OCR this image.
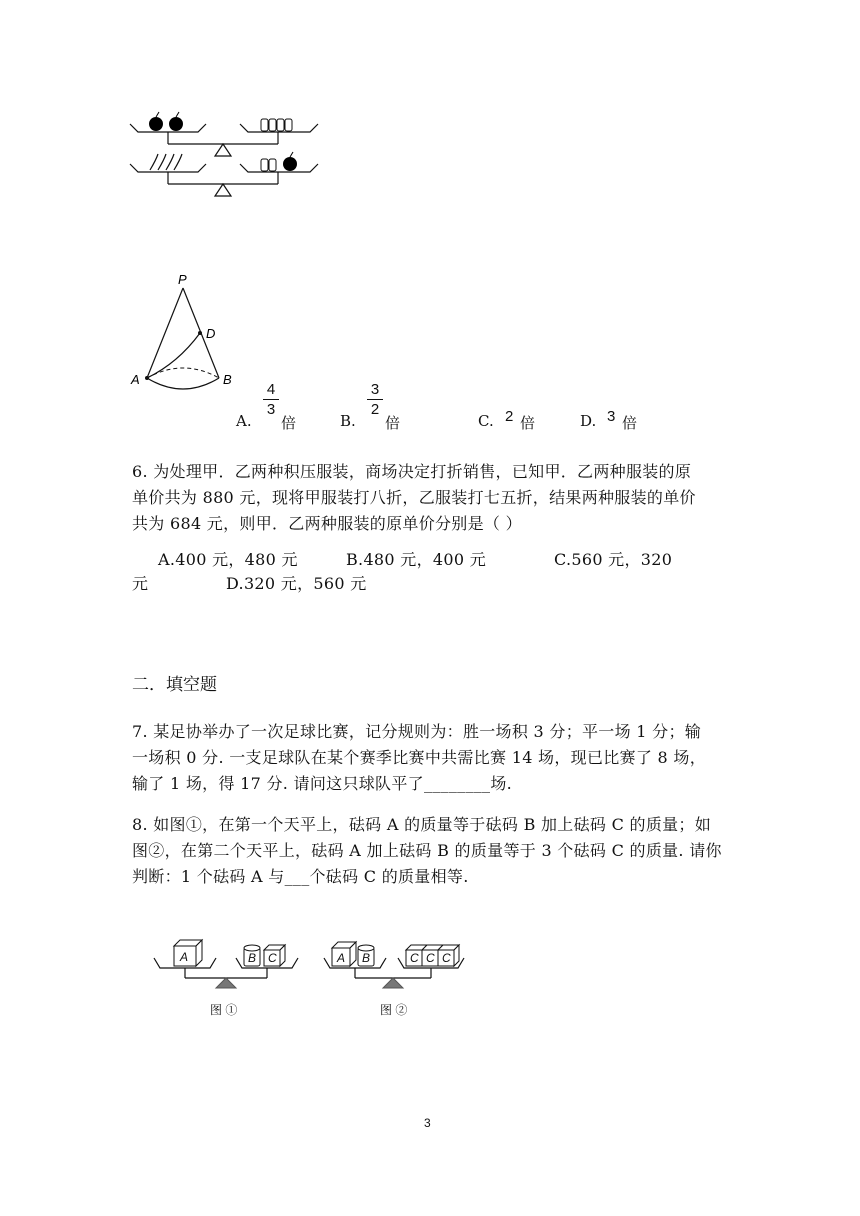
P
D
A	B
A.
4
3
倍	B.
3
2
倍	C. 2 倍	D. 3 倍
6. 为处理甲．乙两种积压服装，商场决定打折销售，已知甲．乙两种服装的原
单价共为 880 元，现将甲服装打八折，乙服装打七五折，结果两种服装的单价
共为 684 元，则甲．乙两种服装的原单价分别是（ ）
A.400 元，480 元	B.480 元，400 元	C.560 元，320
元	D.320 元，560 元
二．填空题
7. 某足协举办了一次足球比赛，记分规则为：胜一场积 3 分；平一场 1 分；输
一场积 0 分. 一支足球队在某个赛季比赛中共需比赛 14 场，现已比赛了 8 场，
输了 1 场，得 17 分. 请问这只球队平了________场.
8. 如图①，在第一个天平上，砝码 A 的质量等于砝码 B 加上砝码 C 的质量；如
图②，在第二个天平上，砝码 A 加上砝码 B 的质量等于 3 个砝码 C 的质量. 请你
判断：1 个砝码 A 与___个砝码 C 的质量相等.
A	B C
图 ①
A B	C C C
图 ②
3
